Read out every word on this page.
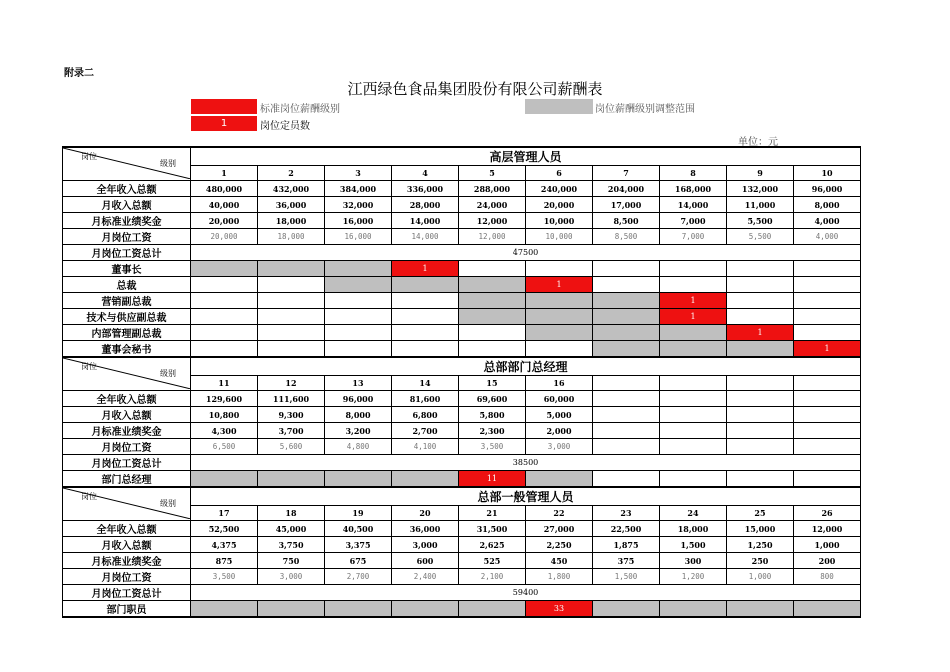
附录二
江西绿色食品集团股份有限公司薪酬表
标准岗位薪酬级别	岗位薪酬级别调整范围
1	岗位定员数
单位：元
岗位
级别	高层管理人员									
	1	2	3	4	5	6	7	8	9	10
全年收入总额	480,000	432,000	384,000	336,000	288,000	240,000	204,000	168,000	132,000	96,000
月收入总额	40,000	36,000	32,000	28,000	24,000	20,000	17,000	14,000	11,000	8,000
月标准业绩奖金	20,000	18,000	16,000	14,000	12,000	10,000	8,500	7,000	5,500	4,000
月岗位工资	20,000	18,000	16,000	14,000	12,000	10,000	8,500	7,000	5,500	4,000
月岗位工资总计	47500									
董事长				1						
总裁						1				
营销副总裁								1		
技术与供应副总裁								1		
内部管理副总裁									1	
董事会秘书										1

岗位
级别	总部部门总经理									
	11	12	13	14	15	16				
全年收入总额	129,600	111,600	96,000	81,600	69,600	60,000				
月收入总额	10,800	9,300	8,000	6,800	5,800	5,000				
月标准业绩奖金	4,300	3,700	3,200	2,700	2,300	2,000				
月岗位工资	6,500	5,600	4,800	4,100	3,500	3,000				
月岗位工资总计	38500									
部门总经理					11					

岗位
级别	总部一般管理人员									
	17	18	19	20	21	22	23	24	25	26
全年收入总额	52,500	45,000	40,500	36,000	31,500	27,000	22,500	18,000	15,000	12,000
月收入总额	4,375	3,750	3,375	3,000	2,625	2,250	1,875	1,500	1,250	1,000
月标准业绩奖金	875	750	675	600	525	450	375	300	250	200
月岗位工资	3,500	3,000	2,700	2,400	2,100	1,800	1,500	1,200	1,000	800
月岗位工资总计	59400									
部门职员						33				
